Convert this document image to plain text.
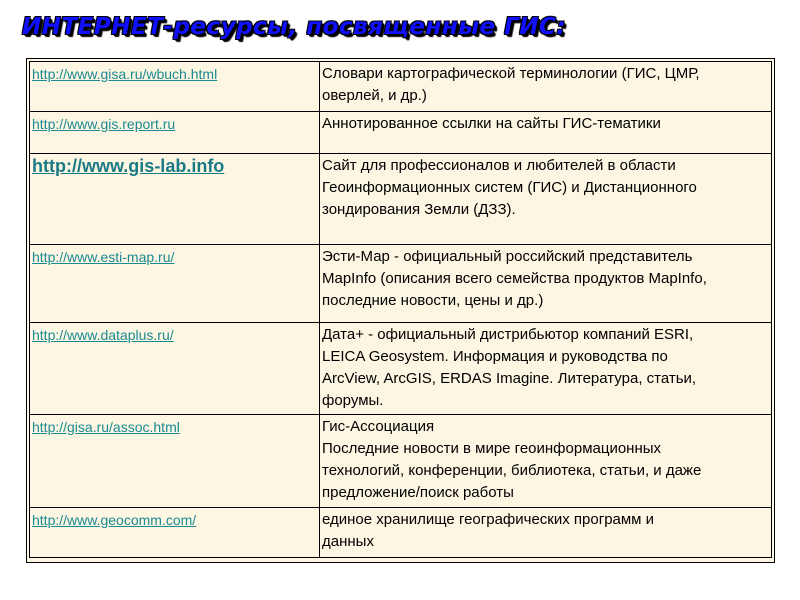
ИНТЕРНЕТ-ресурсы, посвященные ГИС:
http://www.gisa.ru/wbuch.html	Словари картографической терминологии (ГИС, ЦМР,
оверлей, и др.)

http://www.gis.report.ru	Аннотированное ссылки на сайты ГИС-тематики

http://www.gis-lab.info	Сайт для профессионалов и любителей в области
Геоинформационных систем (ГИС) и Дистанционного
зондирования Земли (ДЗЗ).

http://www.esti-map.ru/	Эсти-Мар - официальный российский представитель
MapInfo (описания всего семейства продуктов MapInfo,
последние новости, цены и др.)

http://www.dataplus.ru/	Дата+ - официальный дистрибьютор компаний ESRI,
LEICA Geosystem. Информация и руководства по
ArcView, ArcGIS, ERDAS Imagine. Литература, статьи,
форумы.

http://gisa.ru/assoc.html	Гис-Ассоциация
Последние новости в мире геоинформационных
технологий, конференции, библиотека, статьи, и даже
предложение/поиск работы

http://www.geocomm.com/	единое хранилище географических программ и
данных
